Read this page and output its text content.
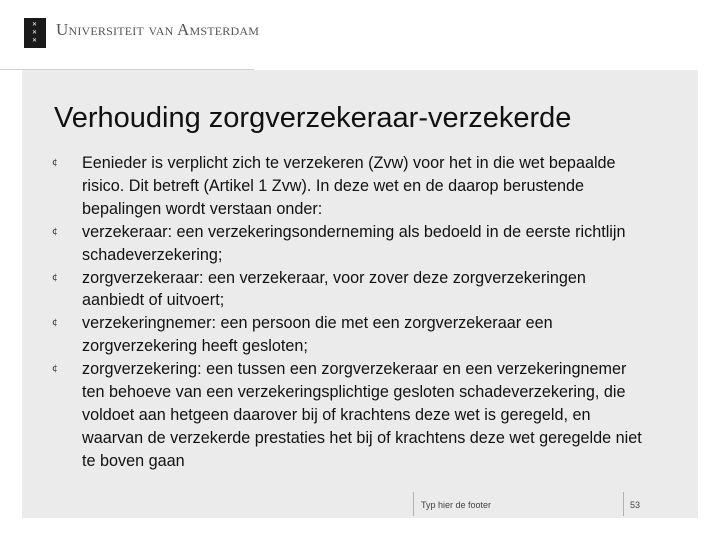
✕
✕
✕
Universiteit van Amsterdam
Verhouding zorgverzekeraar-verzekerde
¢	Eenieder is verplicht zich te verzekeren (Zvw) voor het in die wet bepaalde risico. Dit betreft (Artikel 1 Zvw). In deze wet en de daarop berustende bepalingen wordt verstaan onder:
¢	verzekeraar: een verzekeringsonderneming als bedoeld in de eerste richtlijn schadeverzekering;
¢	zorgverzekeraar: een verzekeraar, voor zover deze zorgverzekeringen aanbiedt of uitvoert;
¢	verzekeringnemer: een persoon die met een zorgverzekeraar een zorgverzekering heeft gesloten;
¢	zorgverzekering: een tussen een zorgverzekeraar en een verzekeringnemer ten behoeve van een verzekeringsplichtige gesloten schadeverzekering, die voldoet aan hetgeen daarover bij of krachtens deze wet is geregeld, en waarvan de verzekerde prestaties het bij of krachtens deze wet geregelde niet te boven gaan
Typ hier de footer	53
